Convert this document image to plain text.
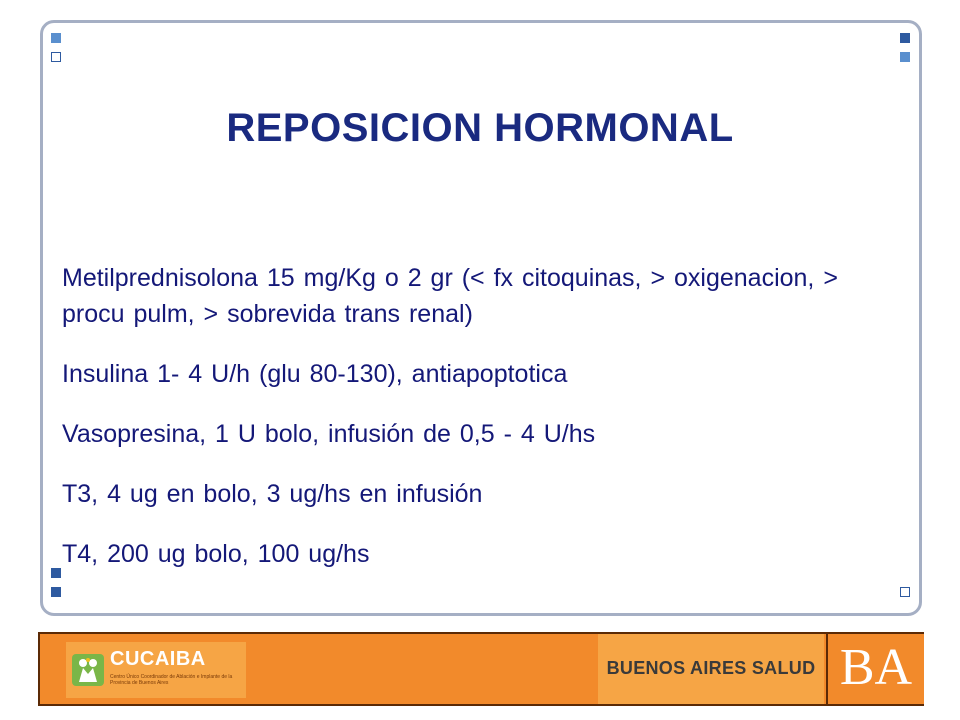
REPOSICION HORMONAL

Metilprednisolona 15 mg/Kg o 2 gr (< fx citoquinas, > oxigenacion, > procu pulm, > sobrevida trans renal)

Insulina 1- 4 U/h (glu 80-130), antiapoptotica

Vasopresina, 1 U bolo, infusión de 0,5 - 4 U/hs

T3, 4 ug en bolo, 3 ug/hs en infusión

T4, 200 ug bolo, 100 ug/hs

CUCAIBA
Centro Único Coordinador de Ablación e Implante de la Provincia de Buenos Aires
BUENOS AIRES SALUD BA
